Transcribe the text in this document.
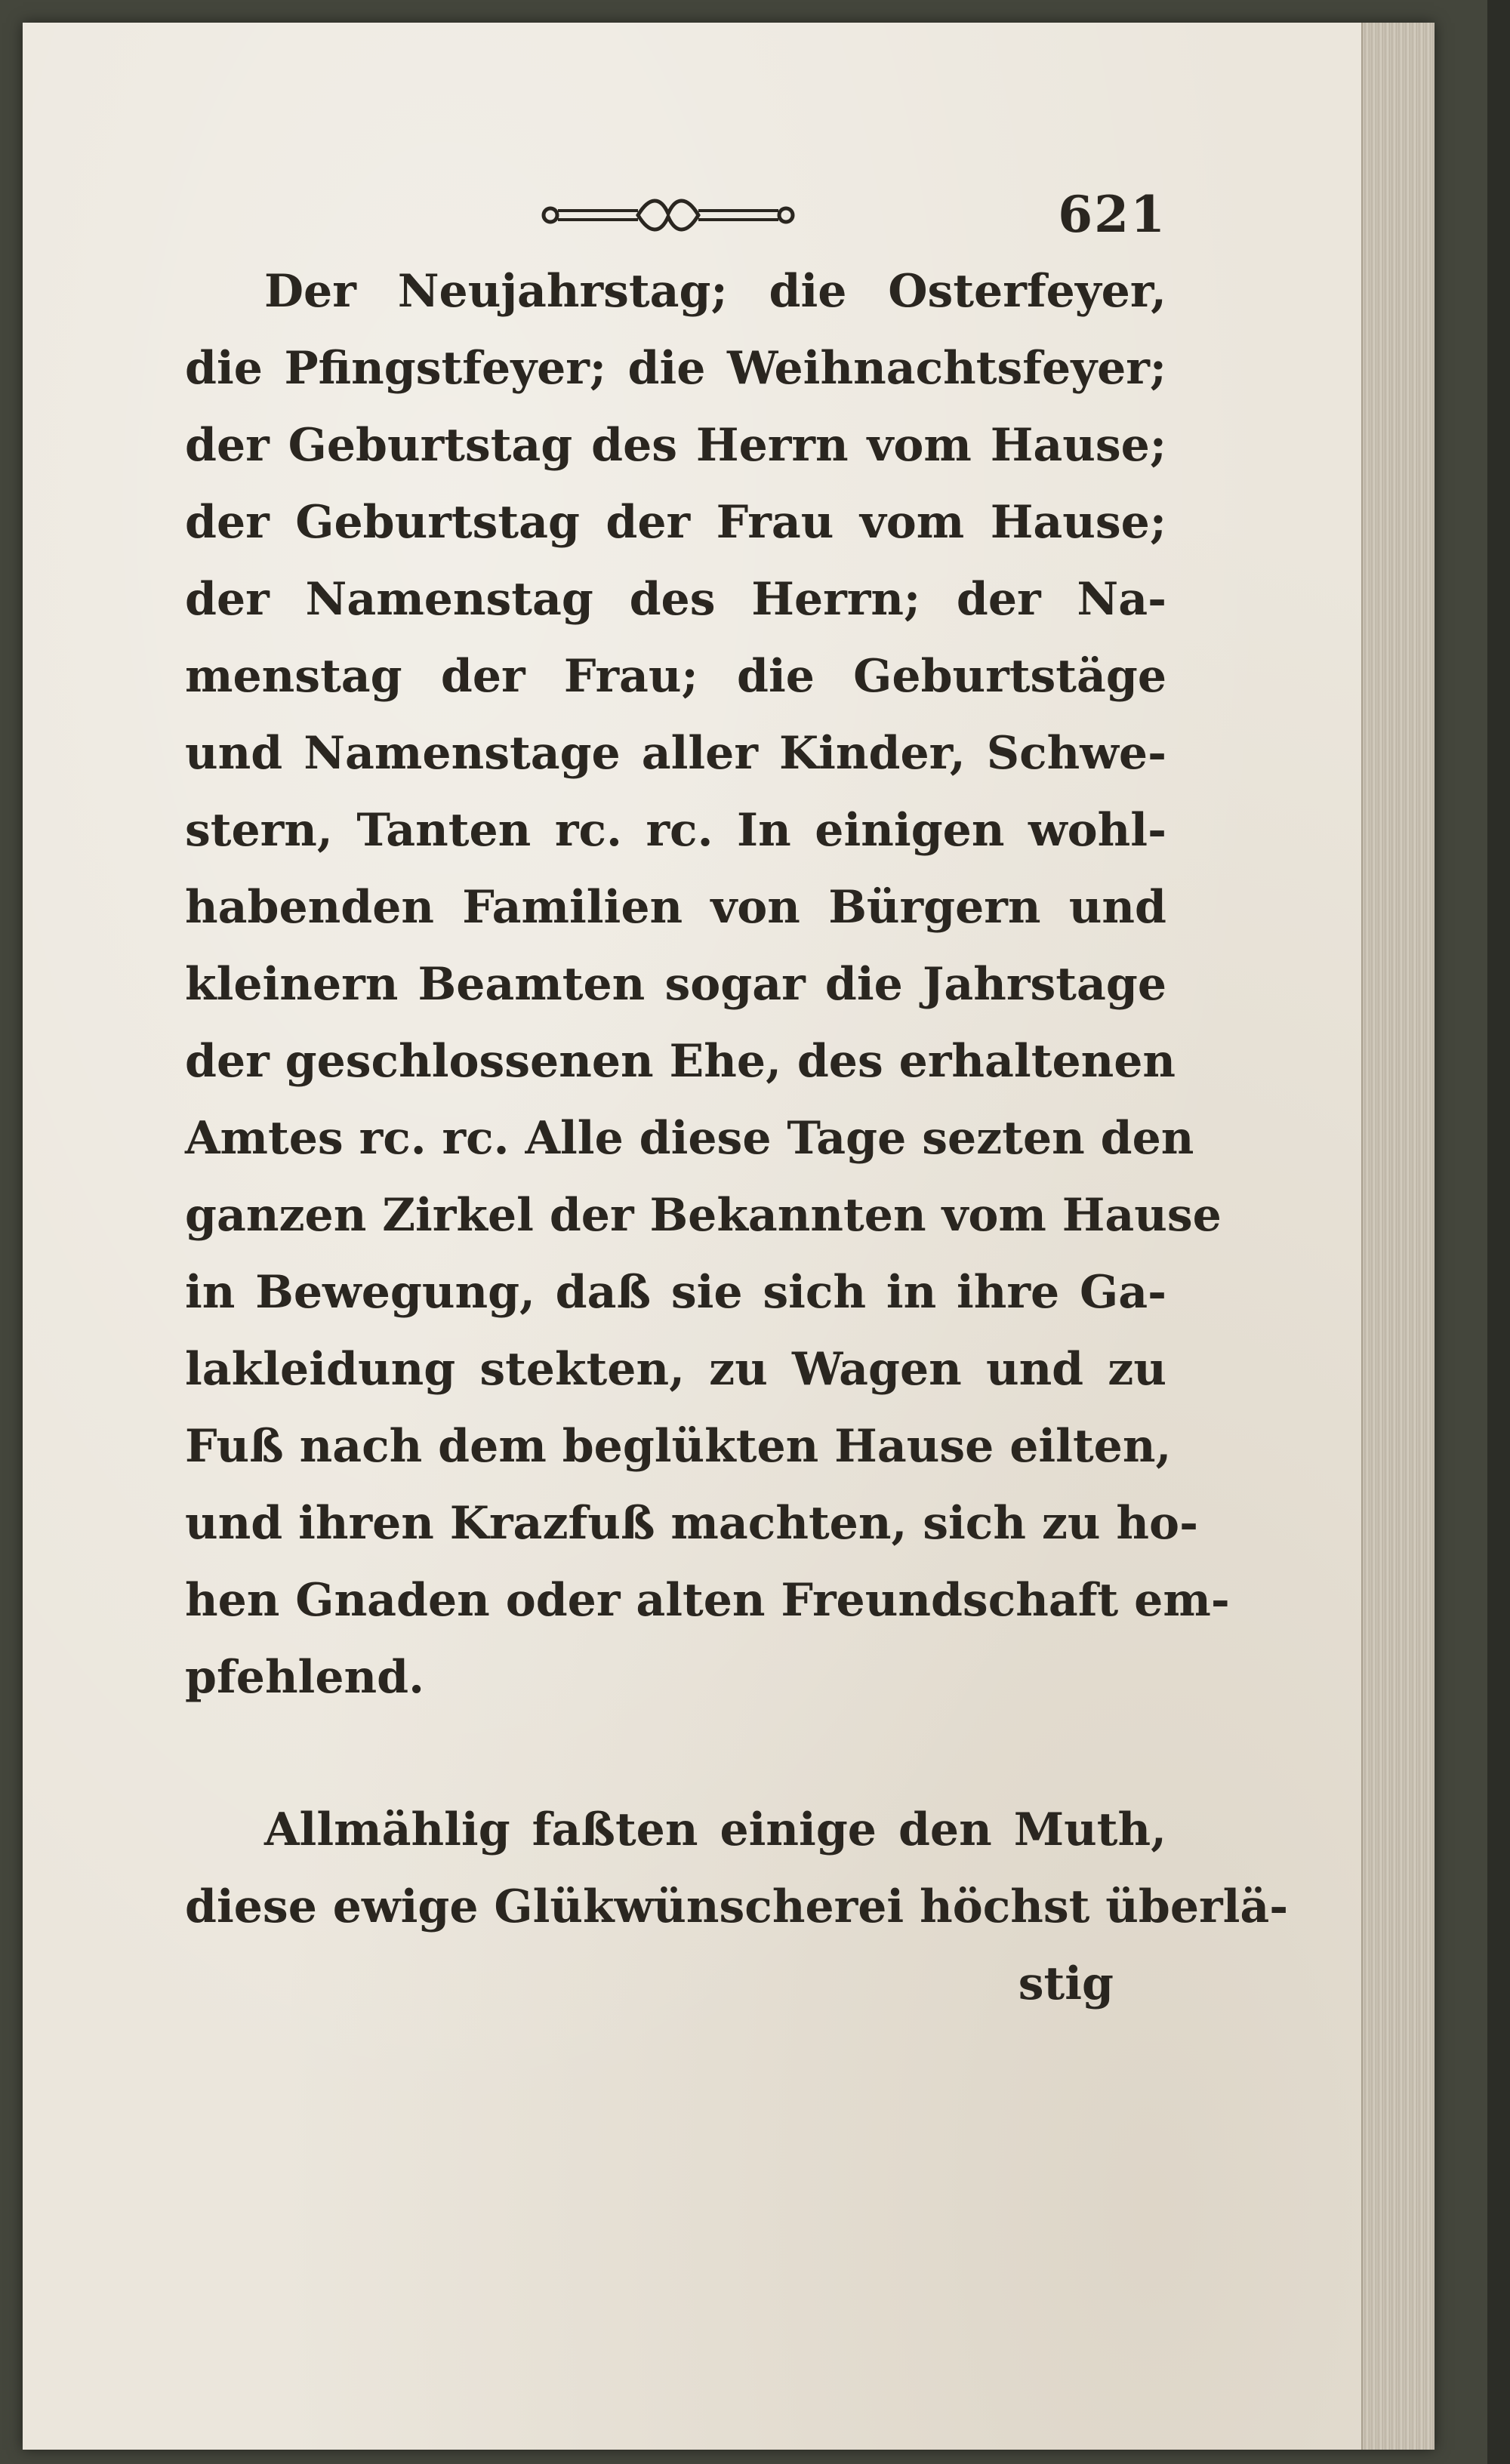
621
Der Neujahrstag; die Osterfeyer,
die Pfingstfeyer; die Weihnachtsfeyer;
der Geburtstag des Herrn vom Hause;
der Geburtstag der Frau vom Hause;
der Namenstag des Herrn; der Na-
menstag der Frau; die Geburtstäge
und Namenstage aller Kinder, Schwe-
stern, Tanten rc. rc. In einigen wohl-
habenden Familien von Bürgern und
kleinern Beamten sogar die Jahrstage
der geschlossenen Ehe, des erhaltenen
Amtes rc. rc. Alle diese Tage sezten den
ganzen Zirkel der Bekannten vom Hause
in Bewegung, daß sie sich in ihre Ga-
lakleidung stekten, zu Wagen und zu
Fuß nach dem beglükten Hause eilten,
und ihren Krazfuß machten, sich zu ho-
hen Gnaden oder alten Freundschaft em-
pfehlend.
Allmählig faßten einige den Muth,
diese ewige Glükwünscherei höchst überlä-
stig
